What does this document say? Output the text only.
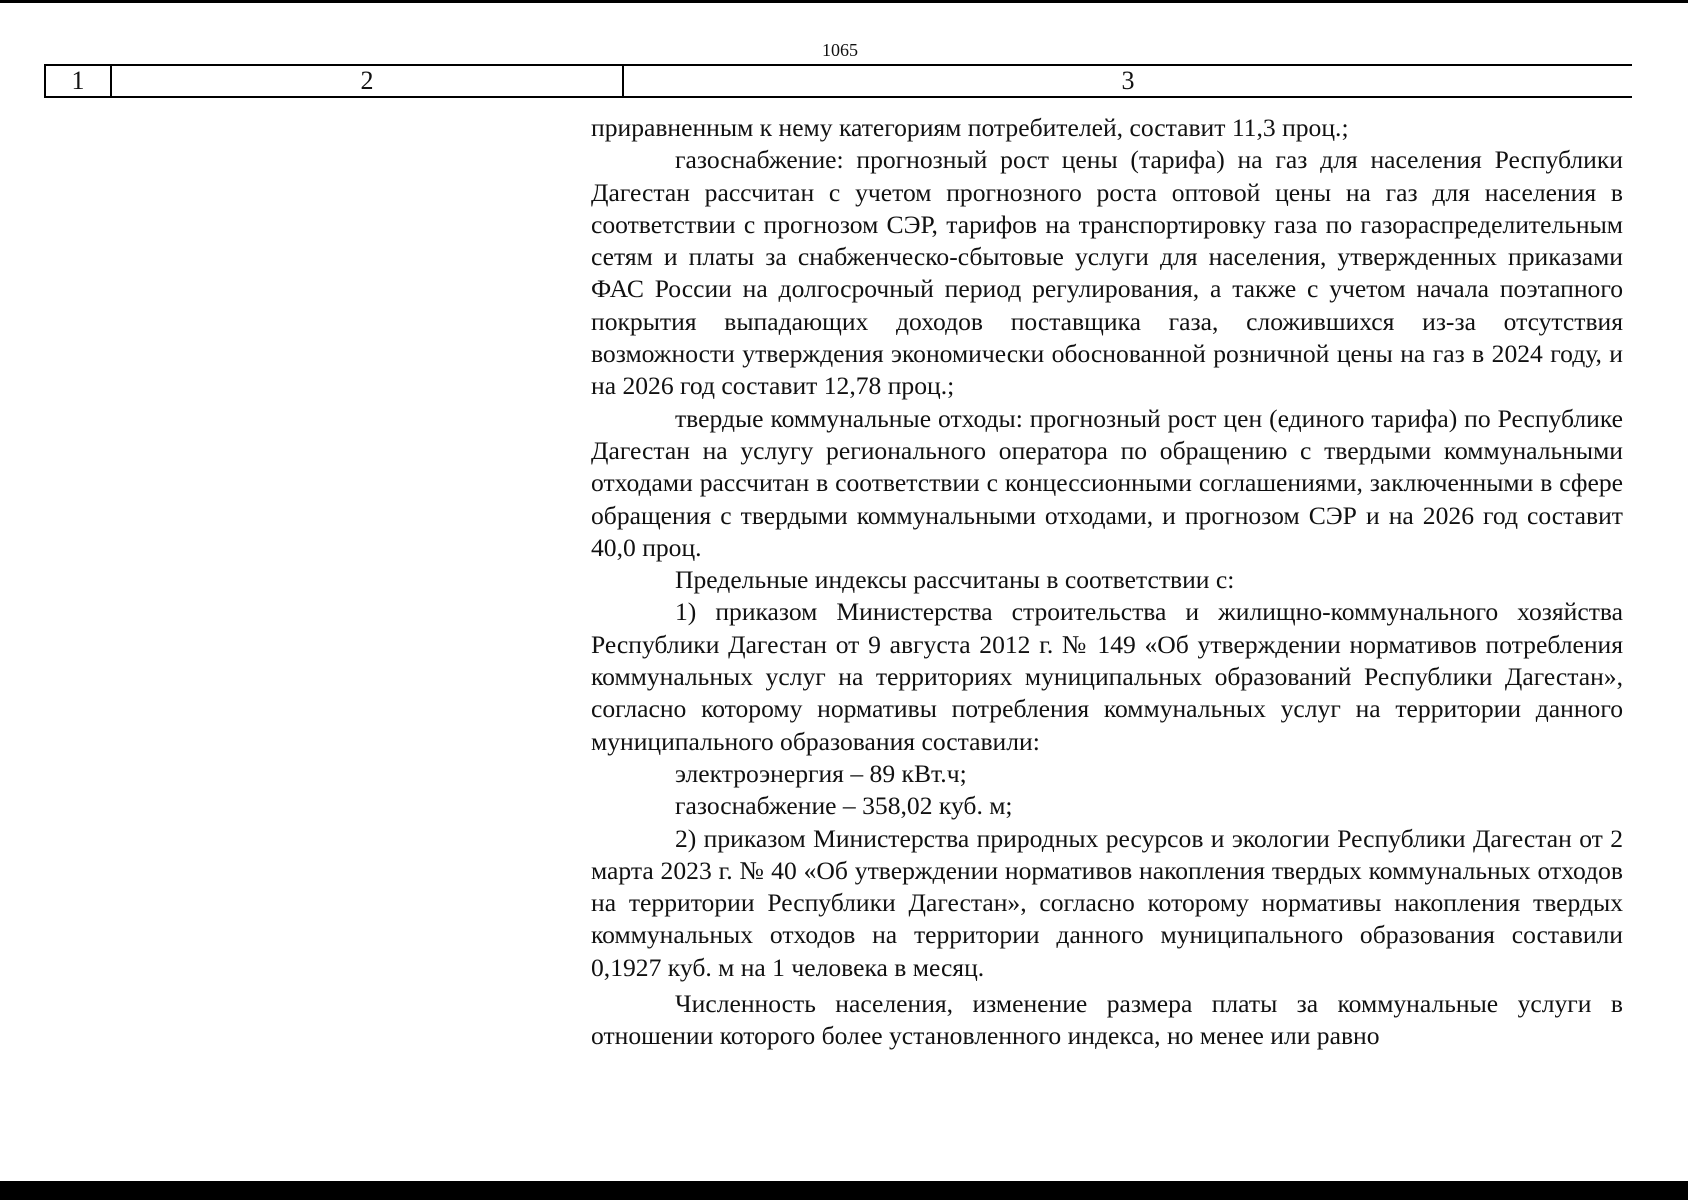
1065
1	2	3

приравненным к нему категориям потребителей, составит 11,3 проц.;

газоснабжение: прогнозный рост цены (тарифа) на газ для населения Республики Дагестан рассчитан с учетом прогнозного роста оптовой цены на газ для населения в соответствии с прогнозом СЭР, тарифов на транспортировку газа по газораспределительным сетям и платы за снабженческо-сбытовые услуги для населения, утвержденных приказами ФАС России на долгосрочный период регулирования, а также с учетом начала поэтапного покрытия выпадающих доходов поставщика газа, сложившихся из-за отсутствия возможности утверждения экономически обоснованной розничной цены на газ в 2024 году, и на 2026 год составит 12,78 проц.;

твердые коммунальные отходы: прогнозный рост цен (единого тарифа) по Республике Дагестан на услугу регионального оператора по обращению с твердыми коммунальными отходами рассчитан в соответствии с концессионными соглашениями, заключенными в сфере обращения с твердыми коммунальными отходами, и прогнозом СЭР и на 2026 год составит 40,0 проц.

Предельные индексы рассчитаны в соответствии с:

1) приказом Министерства строительства и жилищно-коммунального хозяйства Республики Дагестан от 9 августа 2012 г. № 149 «Об утверждении нормативов потребления коммунальных услуг на территориях муниципальных образований Республики Дагестан», согласно которому нормативы потребления коммунальных услуг на территории данного муниципального образования составили:

электроэнергия – 89 кВт.ч;

газоснабжение – 358,02 куб. м;

2) приказом Министерства природных ресурсов и экологии Республики Дагестан от 2 марта 2023 г. № 40 «Об утверждении нормативов накопления твердых коммунальных отходов на территории Республики Дагестан», согласно которому нормативы накопления твердых коммунальных отходов на территории данного муниципального образования составили 0,1927 куб. м на 1 человека в месяц.

Численность населения, изменение размера платы за коммунальные услуги в отношении которого более установленного индекса, но менее или равно
